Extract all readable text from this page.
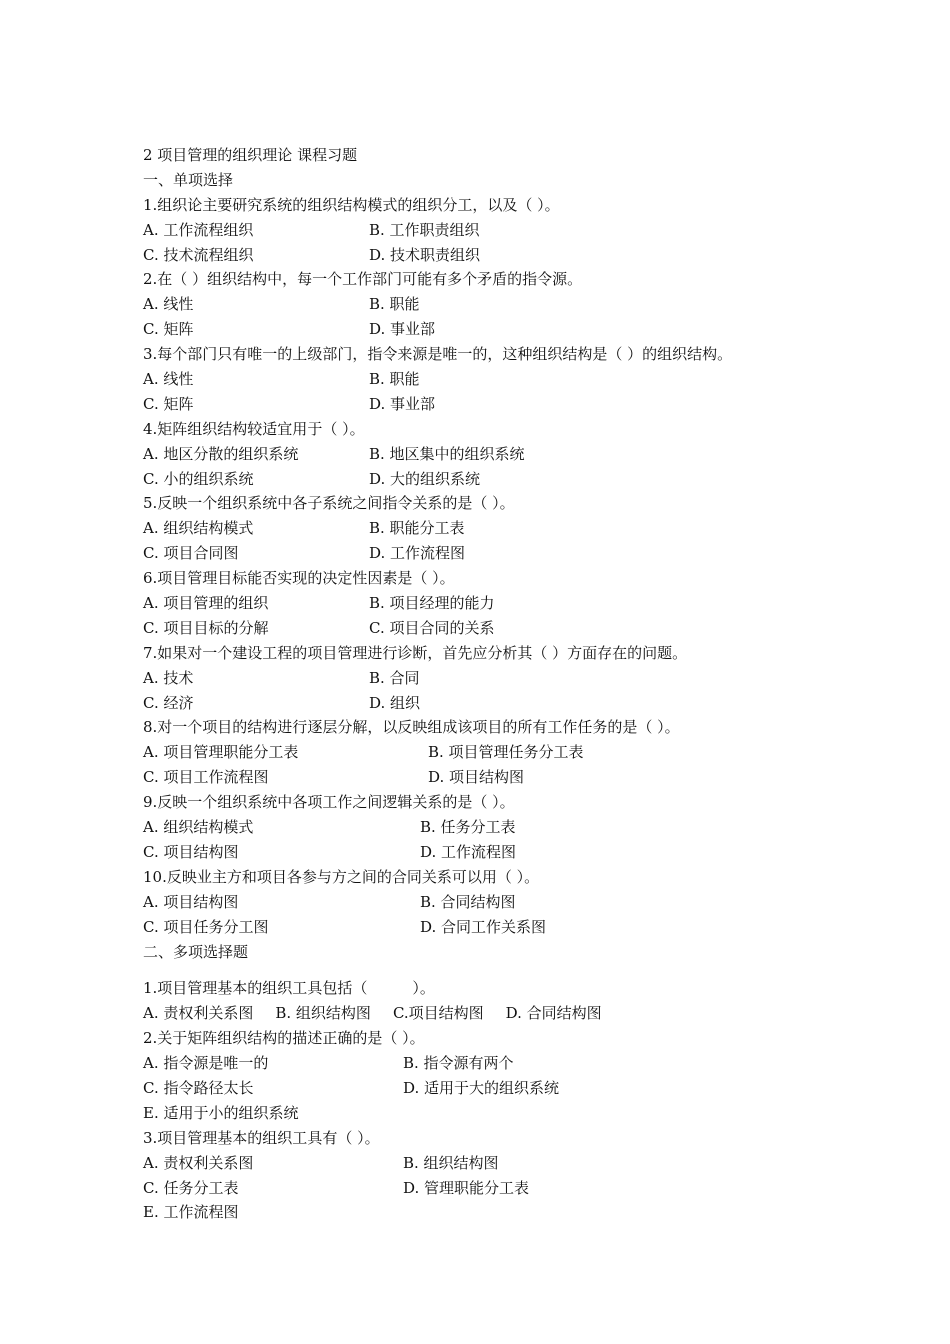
2 项目管理的组织理论 课程习题
一、单项选择
1.组织论主要研究系统的组织结构模式的组织分工，以及（ ）。
A. 工作流程组织	B. 工作职责组织
C. 技术流程组织	D. 技术职责组织
2.在（ ）组织结构中，每一个工作部门可能有多个矛盾的指令源。
A. 线性	B. 职能
C. 矩阵	D. 事业部
3.每个部门只有唯一的上级部门，指令来源是唯一的，这种组织结构是（ ）的组织结构。
A. 线性	B. 职能
C. 矩阵	D. 事业部
4.矩阵组织结构较适宜用于（ ）。
A. 地区分散的组织系统	B. 地区集中的组织系统
C. 小的组织系统	D. 大的组织系统
5.反映一个组织系统中各子系统之间指令关系的是（ ）。
A. 组织结构模式	B. 职能分工表
C. 项目合同图	D. 工作流程图
6.项目管理目标能否实现的决定性因素是（ ）。
A. 项目管理的组织	B. 项目经理的能力
C. 项目目标的分解	C. 项目合同的关系
7.如果对一个建设工程的项目管理进行诊断，首先应分析其（ ）方面存在的问题。
A. 技术	B. 合同
C. 经济	D. 组织
8.对一个项目的结构进行逐层分解，以反映组成该项目的所有工作任务的是（ ）。
A. 项目管理职能分工表	B. 项目管理任务分工表
C. 项目工作流程图	D. 项目结构图
9.反映一个组织系统中各项工作之间逻辑关系的是（ ）。
A. 组织结构模式	B. 任务分工表
C. 项目结构图	D. 工作流程图
10.反映业主方和项目各参与方之间的合同关系可以用（ ）。
A. 项目结构图	B. 合同结构图
C. 项目任务分工图	D. 合同工作关系图
二、多项选择题
1.项目管理基本的组织工具包括（　　　）。
A. 责权利关系图 B. 组织结构图 C.项目结构图 D. 合同结构图
2.关于矩阵组织结构的描述正确的是（ ）。
A. 指令源是唯一的	B. 指令源有两个
C. 指令路径太长	D. 适用于大的组织系统
E. 适用于小的组织系统
3.项目管理基本的组织工具有（ ）。
A. 责权利关系图	B. 组织结构图
C. 任务分工表	D. 管理职能分工表
E. 工作流程图
